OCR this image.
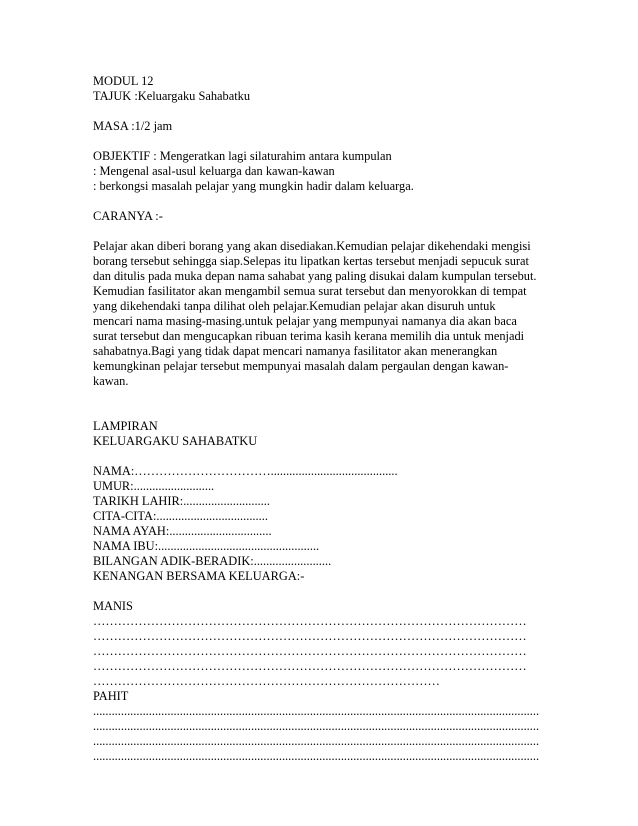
MODUL 12
TAJUK :Keluargaku Sahabatku
MASA :1/2 jam
OBJEKTIF : Mengeratkan lagi silaturahim antara kumpulan
: Mengenal asal-usul keluarga dan kawan-kawan
: berkongsi masalah pelajar yang mungkin hadir dalam keluarga.
CARANYA :-
Pelajar akan diberi borang yang akan disediakan.Kemudian pelajar dikehendaki mengisi
borang tersebut sehingga siap.Selepas itu lipatkan kertas tersebut menjadi sepucuk surat
dan ditulis pada muka depan nama sahabat yang paling disukai dalam kumpulan tersebut.
Kemudian fasilitator akan mengambil semua surat tersebut dan menyorokkan di tempat
yang dikehendaki tanpa dilihat oleh pelajar.Kemudian pelajar akan disuruh untuk
mencari nama masing-masing.untuk pelajar yang mempunyai namanya dia akan baca
surat tersebut dan mengucapkan ribuan terima kasih kerana memilih dia untuk menjadi
sahabatnya.Bagi yang tidak dapat mencari namanya fasilitator akan menerangkan
kemungkinan pelajar tersebut mempunyai masalah dalam pergaulan dengan kawan-
kawan.
LAMPIRAN
KELUARGAKU SAHABATKU
NAMA:…………………………….........................................
UMUR:..........................
TARIKH LAHIR:............................
CITA-CITA:....................................
NAMA AYAH:.................................
NAMA IBU:....................................................
BILANGAN ADIK-BERADIK:.........................
KENANGAN BERSAMA KELUARGA:-
MANIS
……………………………………………………………………………………………
……………………………………………………………………………………………
……………………………………………………………………………………………
……………………………………………………………………………………………
…………………………………………………………………………
PAHIT
................................................................................................................................................
................................................................................................................................................
................................................................................................................................................
................................................................................................................................................
